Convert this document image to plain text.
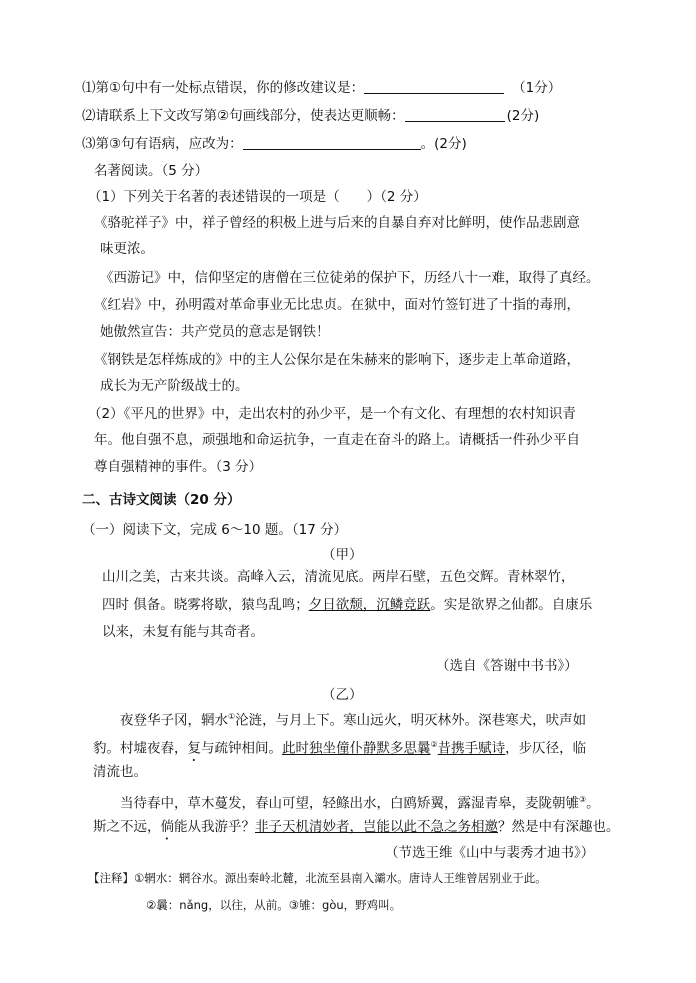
⑴第①句中有一处标点错误，你的修改建议是：	（1分）
⑵请联系上下文改写第②句画线部分，使表达更顺畅：	(2分)
⑶第③句有语病，应改为：	。(2分)
名著阅读。（5 分）
（1）下列关于名著的表述错误的一项是（　　）（2 分）
《骆驼祥子》中，祥子曾经的积极上进与后来的自暴自弃对比鲜明，使作品悲剧意
味更浓。
《西游记》中，信仰坚定的唐僧在三位徒弟的保护下，历经八十一难，取得了真经。
《红岩》中，孙明霞对革命事业无比忠贞。在狱中，面对竹签钉进了十指的毒刑，
她傲然宣告：共产党员的意志是钢铁！
《钢铁是怎样炼成的》中的主人公保尔是在朱赫来的影响下，逐步走上革命道路，
成长为无产阶级战士的。
（2）《平凡的世界》中，走出农村的孙少平，是一个有文化、有理想的农村知识青
年。他自强不息，顽强地和命运抗争，一直走在奋斗的路上。请概括一件孙少平自
尊自强精神的事件。（3 分）
二、古诗文阅读（20 分）
（一）阅读下文，完成 6～10 题。（17 分）
（甲）
山川之美，古来共谈。高峰入云，清流见底。两岸石壁，五色交辉。青林翠竹，
四时 俱备。晓雾将歇，猿鸟乱鸣；夕日欲颓，沉鳞竞跃。实是欲界之仙都。自康乐
以来，未复有能与其奇者。
（选自《答谢中书书》）
（乙）
夜登华子冈，辋水①沦涟，与月上下。寒山远火，明灭林外。深巷寒犬，吠声如
豹。村墟夜舂，复与疏钟相间。此时独坐僮仆静默多思曩②昔携手赋诗，步仄径，临
清流也。
当待春中，草木蔓发，春山可望，轻鲦出水，白鸥矫翼，露湿青皋，麦陇朝雊③。
斯之不远，倘能从我游乎？非子天机清妙者，岂能以此不急之务相邀？然是中有深趣也。
（节选王维《山中与裴秀才迪书》）
【注释】①辋水：辋谷水。源出秦岭北麓，北流至县南入灞水。唐诗人王维曾居别业于此。
②曩：nǎng，以往，从前。③雊：gòu，野鸡叫。
